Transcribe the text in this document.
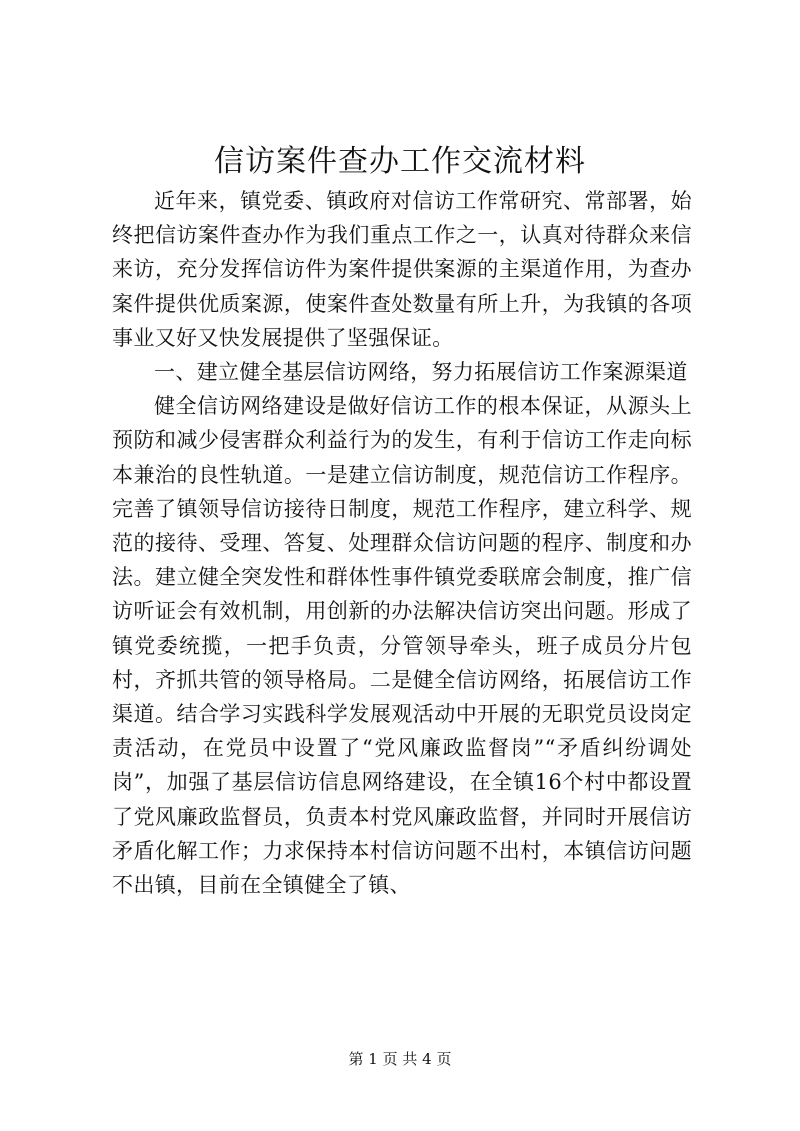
信访案件查办工作交流材料

近年来，镇党委、镇政府对信访工作常研究、常部署，始终把信访案件查办作为我们重点工作之一，认真对待群众来信来访，充分发挥信访件为案件提供案源的主渠道作用，为查办案件提供优质案源，使案件查处数量有所上升，为我镇的各项事业又好又快发展提供了坚强保证。

一、建立健全基层信访网络，努力拓展信访工作案源渠道

健全信访网络建设是做好信访工作的根本保证，从源头上预防和减少侵害群众利益行为的发生，有利于信访工作走向标本兼治的良性轨道。一是建立信访制度，规范信访工作程序。完善了镇领导信访接待日制度，规范工作程序，建立科学、规范的接待、受理、答复、处理群众信访问题的程序、制度和办法。建立健全突发性和群体性事件镇党委联席会制度，推广信访听证会有效机制，用创新的办法解决信访突出问题。形成了镇党委统揽，一把手负责，分管领导牵头，班子成员分片包村，齐抓共管的领导格局。二是健全信访网络，拓展信访工作渠道。结合学习实践科学发展观活动中开展的无职党员设岗定责活动，在党员中设置了“党风廉政监督岗”“矛盾纠纷调处岗”，加强了基层信访信息网络建设，在全镇16个村中都设置了党风廉政监督员，负责本村党风廉政监督，并同时开展信访矛盾化解工作；力求保持本村信访问题不出村，本镇信访问题不出镇，目前在全镇健全了镇、

第 1 页 共 4 页
